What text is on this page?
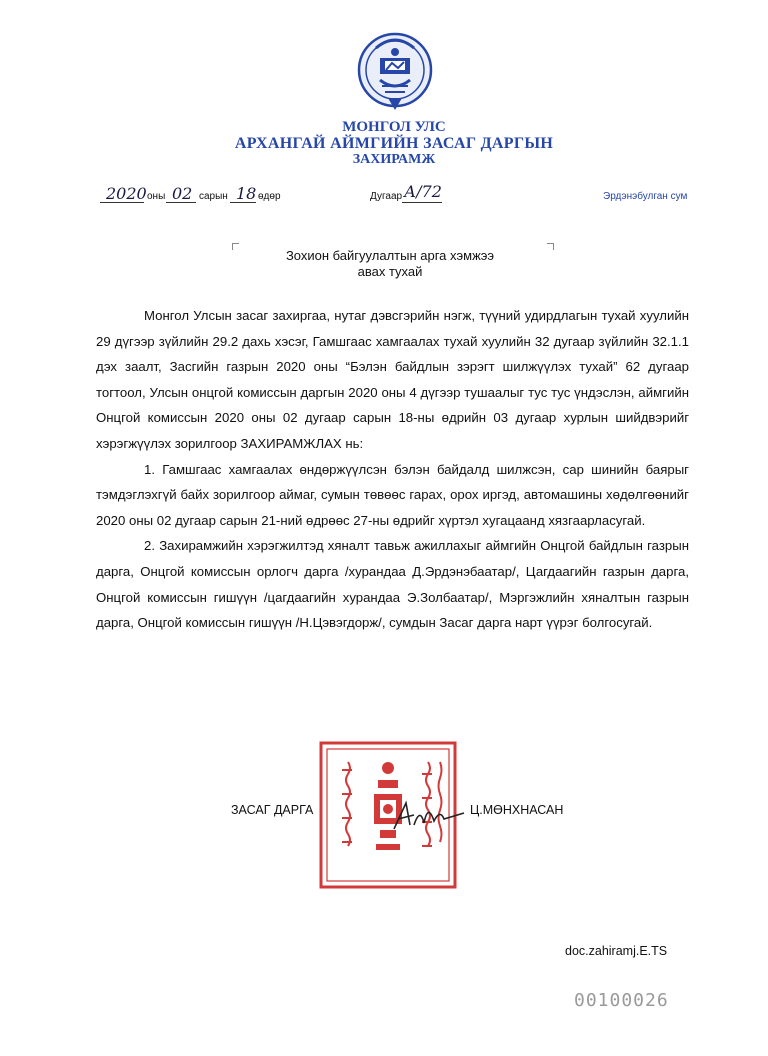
МОНГОЛ УЛС
АРХАНГАЙ АЙМГИЙН ЗАСАГ ДАРГЫН
ЗАХИРАМЖ
2020 оны 02 сарын 18 өдөр	Дугаар А/72	Эрдэнэбулган сум
Зохион байгуулалтын арга хэмжээ
авах тухай

Монгол Улсын засаг захиргаа, нутаг дэвсгэрийн нэгж, түүний удирдлагын тухай хуулийн 29 дүгээр зүйлийн 29.2 дахь хэсэг, Гамшгаас хамгаалах тухай хуулийн 32 дугаар зүйлийн 32.1.1 дэх заалт, Засгийн газрын 2020 оны “Бэлэн байдлын зэрэгт шилжүүлэх тухай” 62 дугаар тогтоол, Улсын онцгой комиссын даргын 2020 оны 4 дүгээр тушаалыг тус тус үндэслэн, аймгийн Онцгой комиссын 2020 оны 02 дугаар сарын 18-ны өдрийн 03 дугаар хурлын шийдвэрийг хэрэгжүүлэх зорилгоор ЗАХИРАМЖЛАХ нь:

1. Гамшгаас хамгаалах өндөржүүлсэн бэлэн байдалд шилжсэн, сар шинийн баярыг тэмдэглэхгүй байх зорилгоор аймаг, сумын төвөөс гарах, орох иргэд, автомашины хөдөлгөөнийг 2020 оны 02 дугаар сарын 21-ний өдрөөс 27-ны өдрийг хүртэл хугацаанд хязгаарласугай.

2. Захирамжийн хэрэгжилтэд хяналт тавьж ажиллахыг аймгийн Онцгой байдлын газрын дарга, Онцгой комиссын орлогч дарга /хурандаа Д.Эрдэнэбаатар/, Цагдаагийн газрын дарга, Онцгой комиссын гишүүн /цагдаагийн хурандаа Э.Золбаатар/, Мэргэжлийн хяналтын газрын дарга, Онцгой комиссын гишүүн /Н.Цэвэгдорж/, сумдын Засаг дарга нарт үүрэг болгосугай.

ЗАСАГ ДАРГА	Ц.МӨНХНАСАН
doc.zahiramj.E.TS
00100026
